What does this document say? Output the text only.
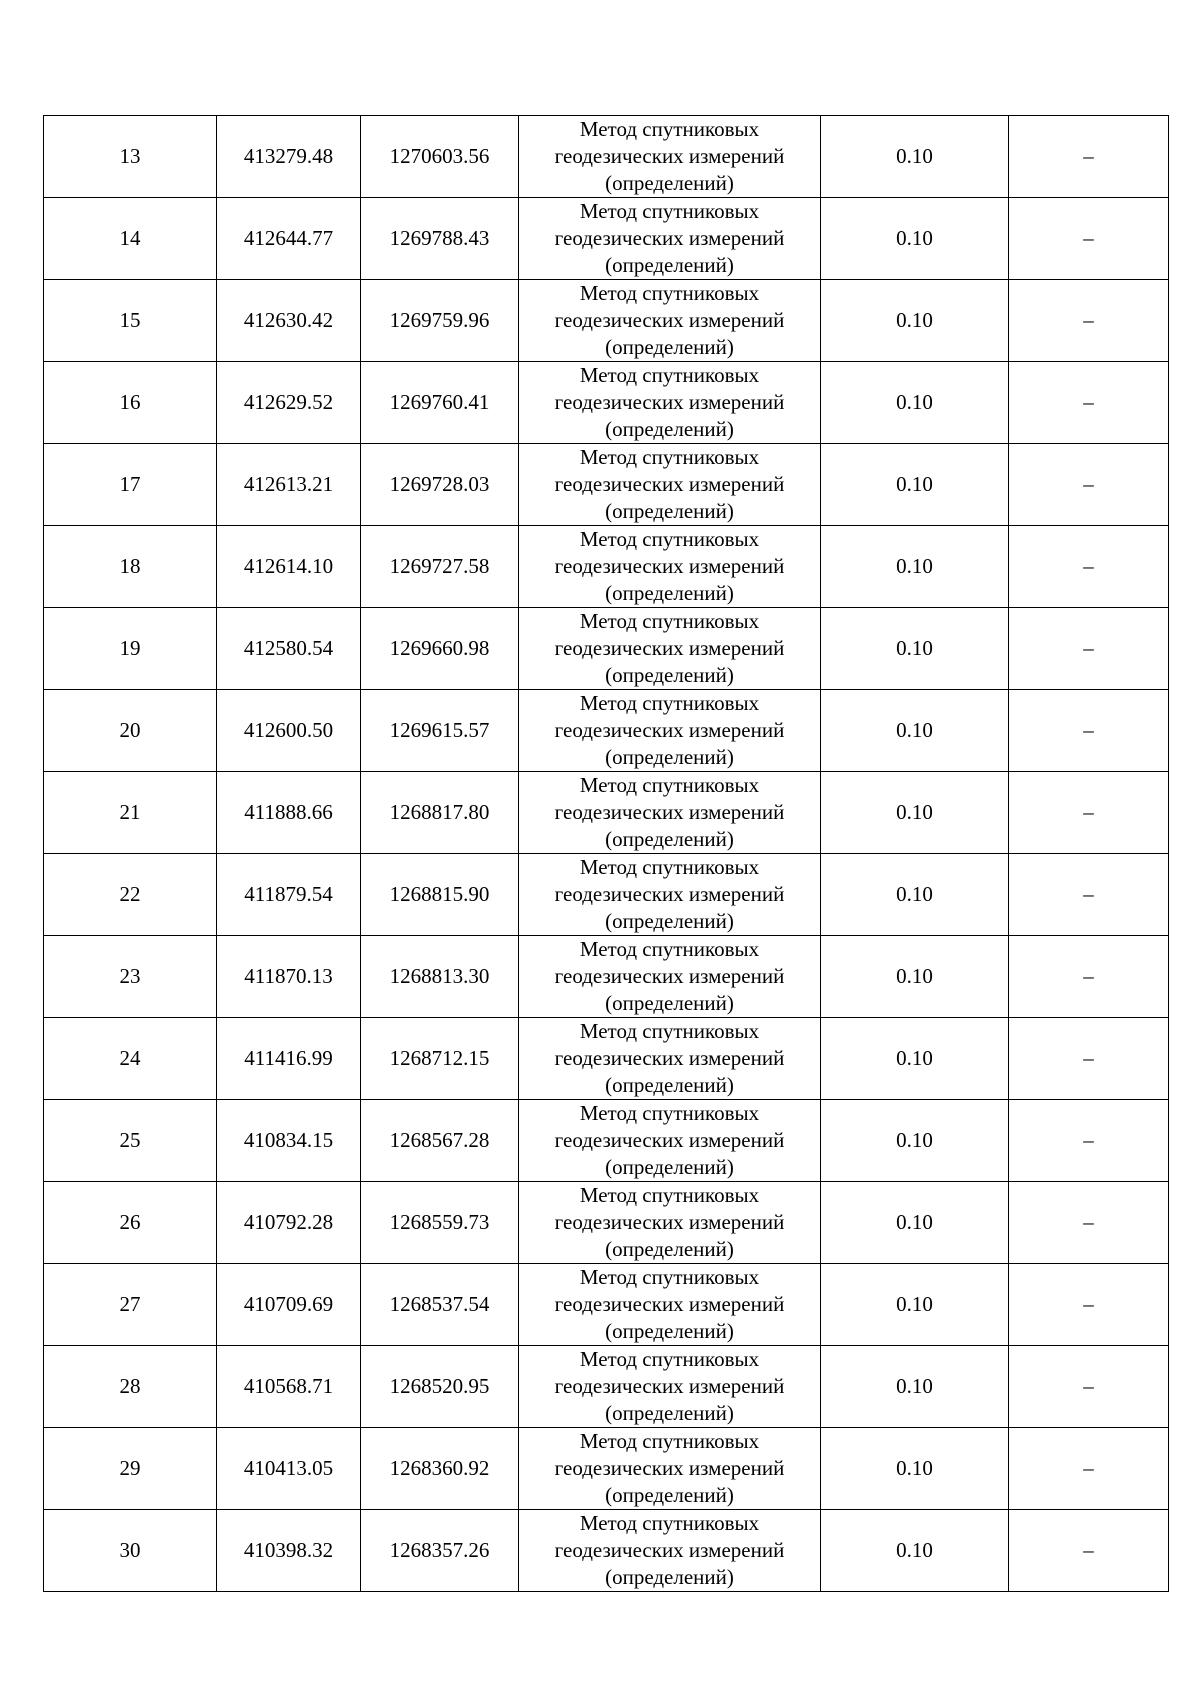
13	413279.48	1270603.56	Метод спутниковых
геодезических измерений
(определений)	0.10	–
14	412644.77	1269788.43	Метод спутниковых
геодезических измерений
(определений)	0.10	–
15	412630.42	1269759.96	Метод спутниковых
геодезических измерений
(определений)	0.10	–
16	412629.52	1269760.41	Метод спутниковых
геодезических измерений
(определений)	0.10	–
17	412613.21	1269728.03	Метод спутниковых
геодезических измерений
(определений)	0.10	–
18	412614.10	1269727.58	Метод спутниковых
геодезических измерений
(определений)	0.10	–
19	412580.54	1269660.98	Метод спутниковых
геодезических измерений
(определений)	0.10	–
20	412600.50	1269615.57	Метод спутниковых
геодезических измерений
(определений)	0.10	–
21	411888.66	1268817.80	Метод спутниковых
геодезических измерений
(определений)	0.10	–
22	411879.54	1268815.90	Метод спутниковых
геодезических измерений
(определений)	0.10	–
23	411870.13	1268813.30	Метод спутниковых
геодезических измерений
(определений)	0.10	–
24	411416.99	1268712.15	Метод спутниковых
геодезических измерений
(определений)	0.10	–
25	410834.15	1268567.28	Метод спутниковых
геодезических измерений
(определений)	0.10	–
26	410792.28	1268559.73	Метод спутниковых
геодезических измерений
(определений)	0.10	–
27	410709.69	1268537.54	Метод спутниковых
геодезических измерений
(определений)	0.10	–
28	410568.71	1268520.95	Метод спутниковых
геодезических измерений
(определений)	0.10	–
29	410413.05	1268360.92	Метод спутниковых
геодезических измерений
(определений)	0.10	–
30	410398.32	1268357.26	Метод спутниковых
геодезических измерений
(определений)	0.10	–
